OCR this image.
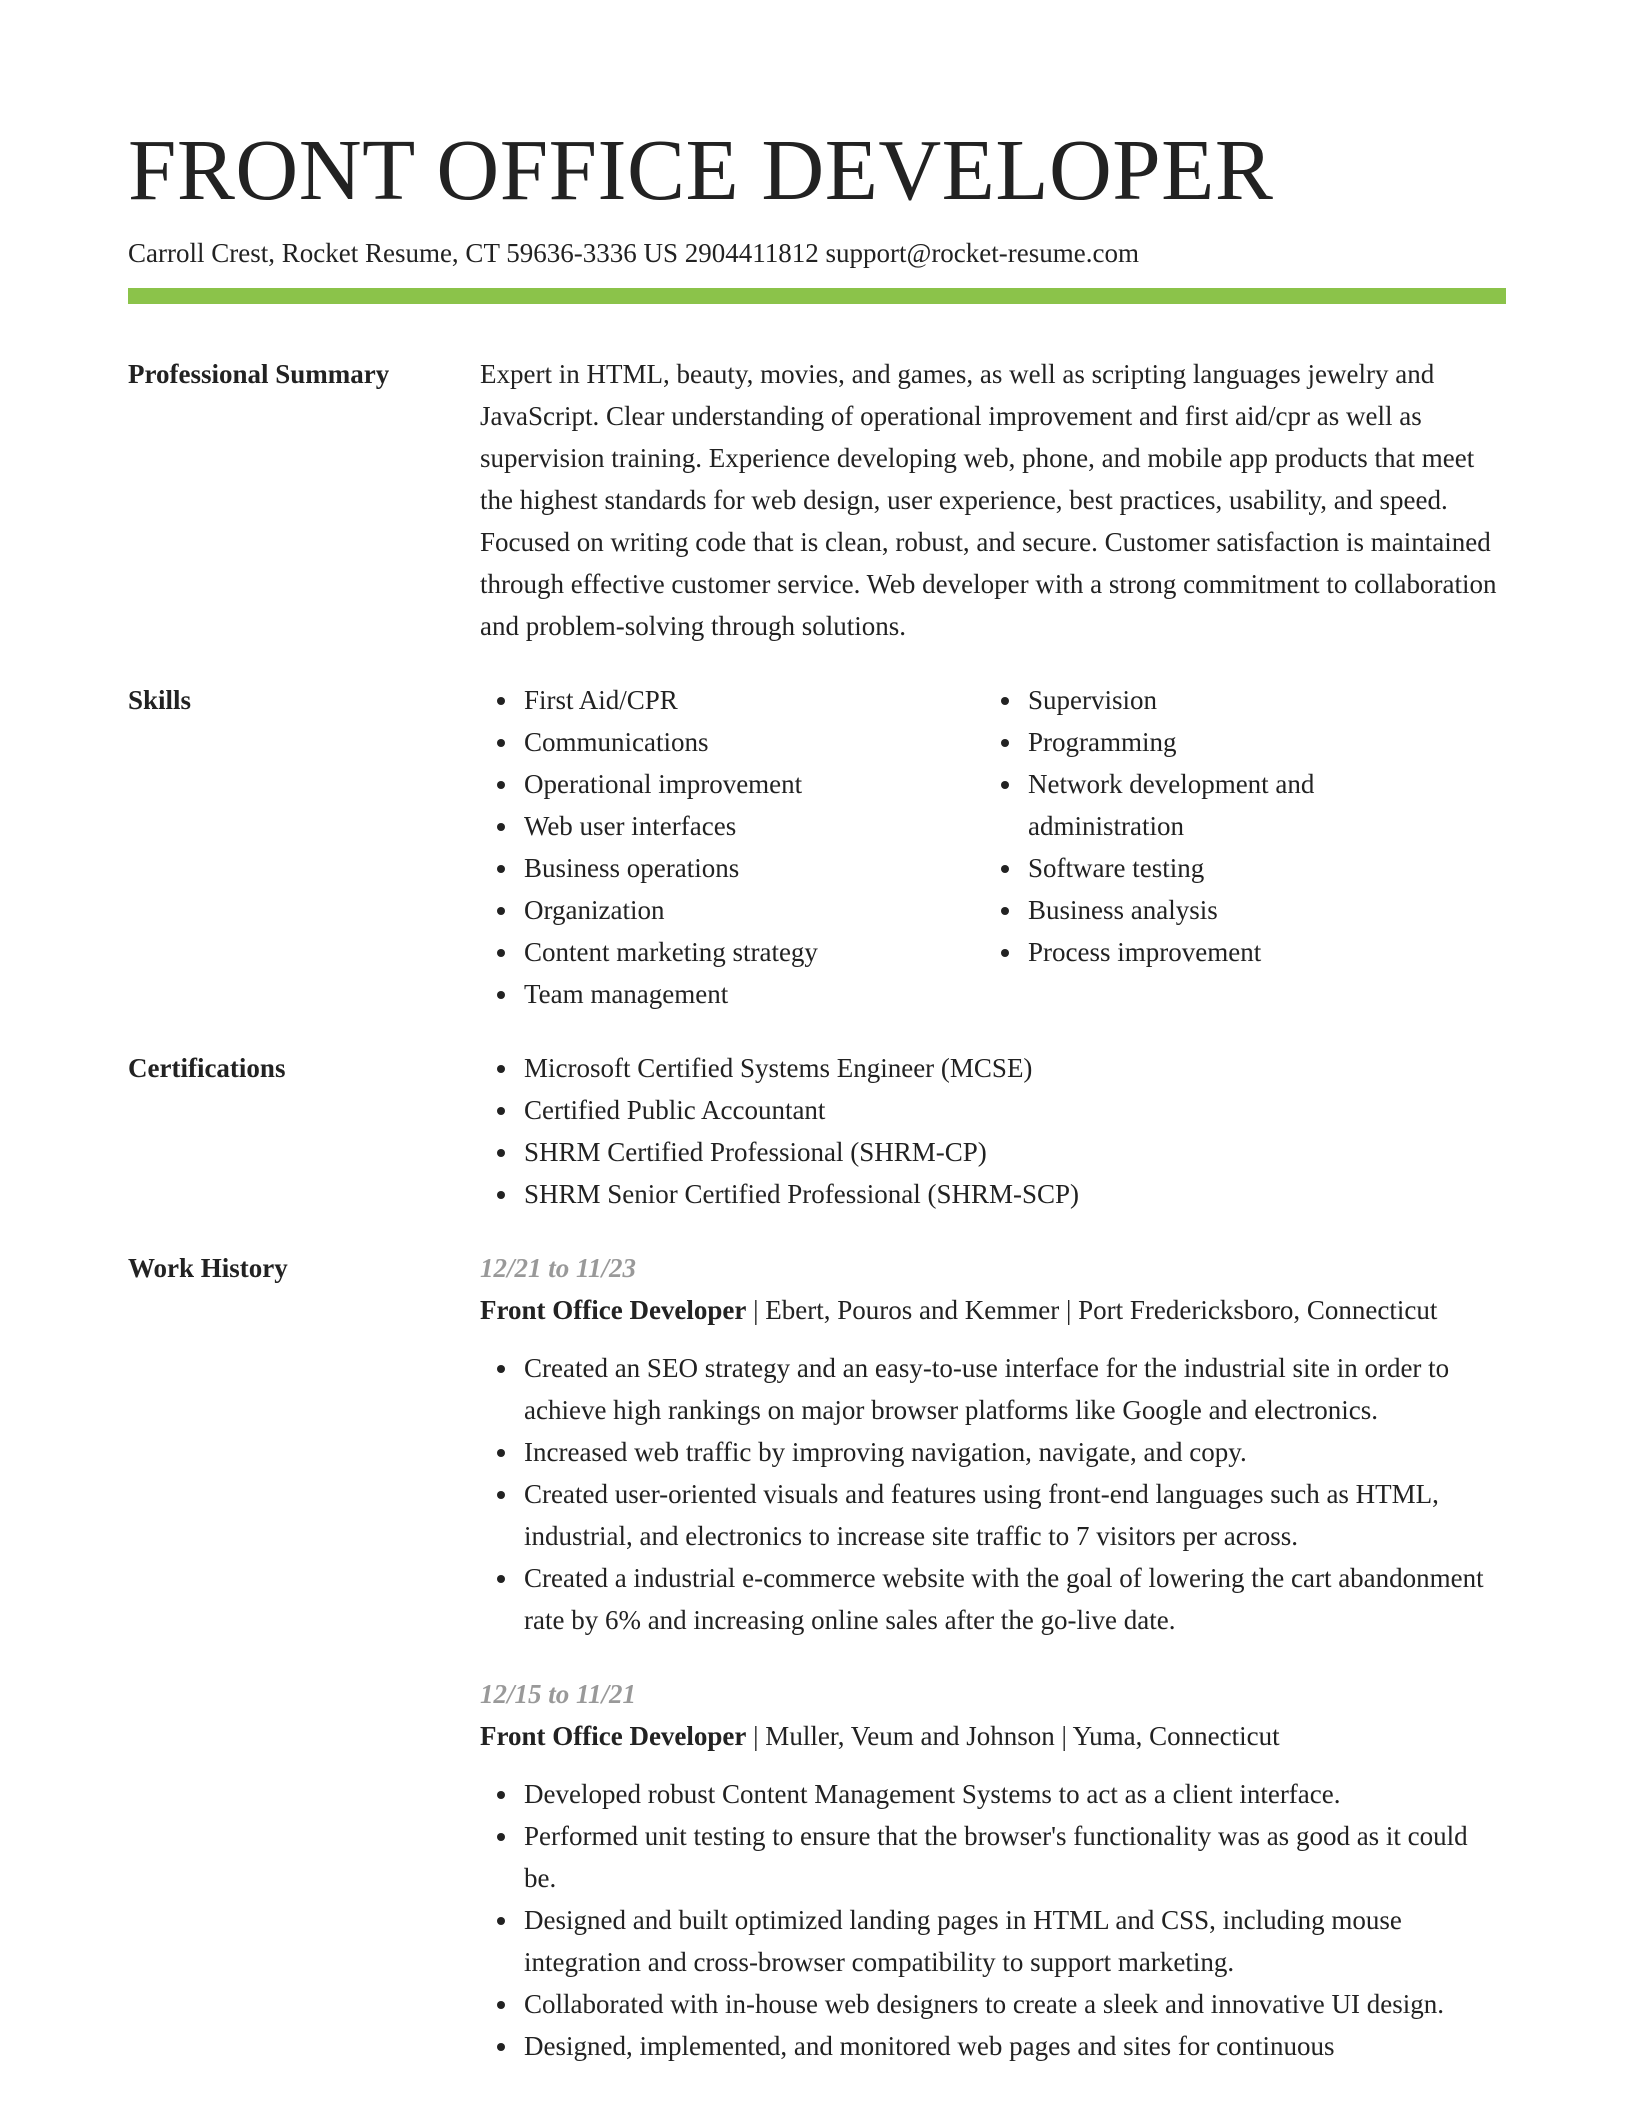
FRONT OFFICE DEVELOPER
Carroll Crest, Rocket Resume, CT 59636-3336 US 2904411812 support@rocket-resume.com
Professional Summary	Expert in HTML, beauty, movies, and games, as well as scripting languages jewelry and JavaScript. Clear understanding of operational improvement and first aid/cpr as well as supervision training. Experience developing web, phone, and mobile app products that meet the highest standards for web design, user experience, best practices, usability, and speed. Focused on writing code that is clean, robust, and secure. Customer satisfaction is maintained through effective customer service. Web developer with a strong commitment to collaboration and problem-solving through solutions.
Skills	First Aid/CPR
Communications
Operational improvement
Web user interfaces
Business operations
Organization
Content marketing strategy
Team management
Supervision
Programming
Network development and administration
Software testing
Business analysis
Process improvement
Certifications	Microsoft Certified Systems Engineer (MCSE)
Certified Public Accountant
SHRM Certified Professional (SHRM-CP)
SHRM Senior Certified Professional (SHRM-SCP)
Work History	12/21 to 11/23
Front Office Developer | Ebert, Pouros and Kemmer | Port Fredericksboro, Connecticut
Created an SEO strategy and an easy-to-use interface for the industrial site in order to achieve high rankings on major browser platforms like Google and electronics.
Increased web traffic by improving navigation, navigate, and copy.
Created user-oriented visuals and features using front-end languages such as HTML, industrial, and electronics to increase site traffic to 7 visitors per across.
Created a industrial e-commerce website with the goal of lowering the cart abandonment rate by 6% and increasing online sales after the go-live date.
12/15 to 11/21
Front Office Developer | Muller, Veum and Johnson | Yuma, Connecticut
Developed robust Content Management Systems to act as a client interface.
Performed unit testing to ensure that the browser's functionality was as good as it could be.
Designed and built optimized landing pages in HTML and CSS, including mouse integration and cross-browser compatibility to support marketing.
Collaborated with in-house web designers to create a sleek and innovative UI design.
Designed, implemented, and monitored web pages and sites for continuous
